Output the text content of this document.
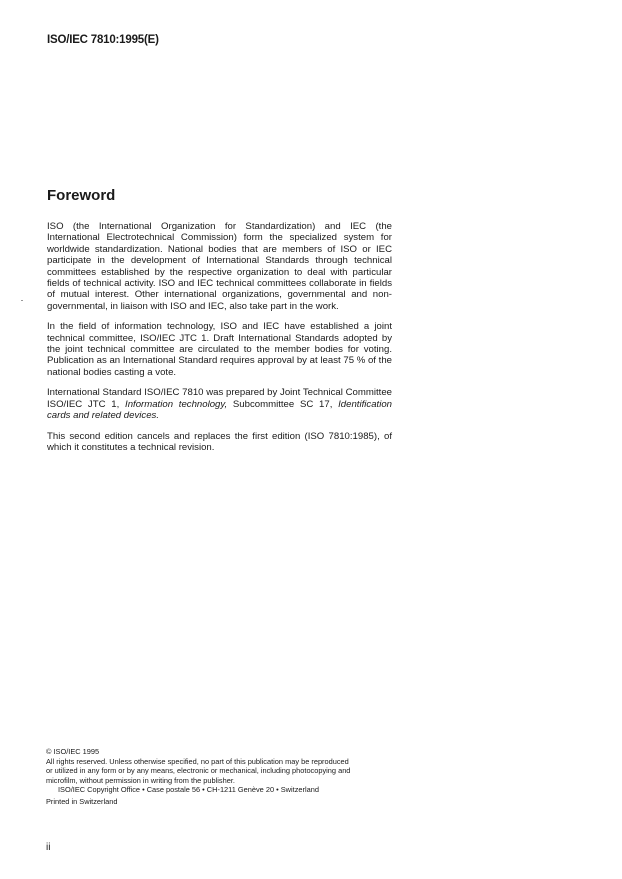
ISO/IEC 7810:1995(E)
Foreword

ISO (the International Organization for Standardization) and IEC (the International Electrotechnical Commission) form the specialized system for worldwide standardization. National bodies that are members of ISO or IEC participate in the development of International Standards through technical committees established by the respective organization to deal with particular fields of technical activity. ISO and IEC technical committees collaborate in fields of mutual interest. Other international organizations, governmental and non-governmental, in liaison with ISO and IEC, also take part in the work.

In the field of information technology, ISO and IEC have established a joint technical committee, ISO/IEC JTC 1. Draft International Standards adopted by the joint technical committee are circulated to the member bodies for voting. Publication as an International Standard requires approval by at least 75 % of the national bodies casting a vote.

International Standard ISO/IEC 7810 was prepared by Joint Technical Committee ISO/IEC JTC 1, Information technology, Subcommittee SC 17, Identification cards and related devices.

This second edition cancels and replaces the first edition (ISO 7810:1985), of which it constitutes a technical revision.

© ISO/IEC 1995
All rights reserved. Unless otherwise specified, no part of this publication may be reproduced
or utilized in any form or by any means, electronic or mechanical, including photocopying and
microfilm, without permission in writing from the publisher.
ISO/IEC Copyright Office • Case postale 56 • CH-1211 Genève 20 • Switzerland
Printed in Switzerland
ii
